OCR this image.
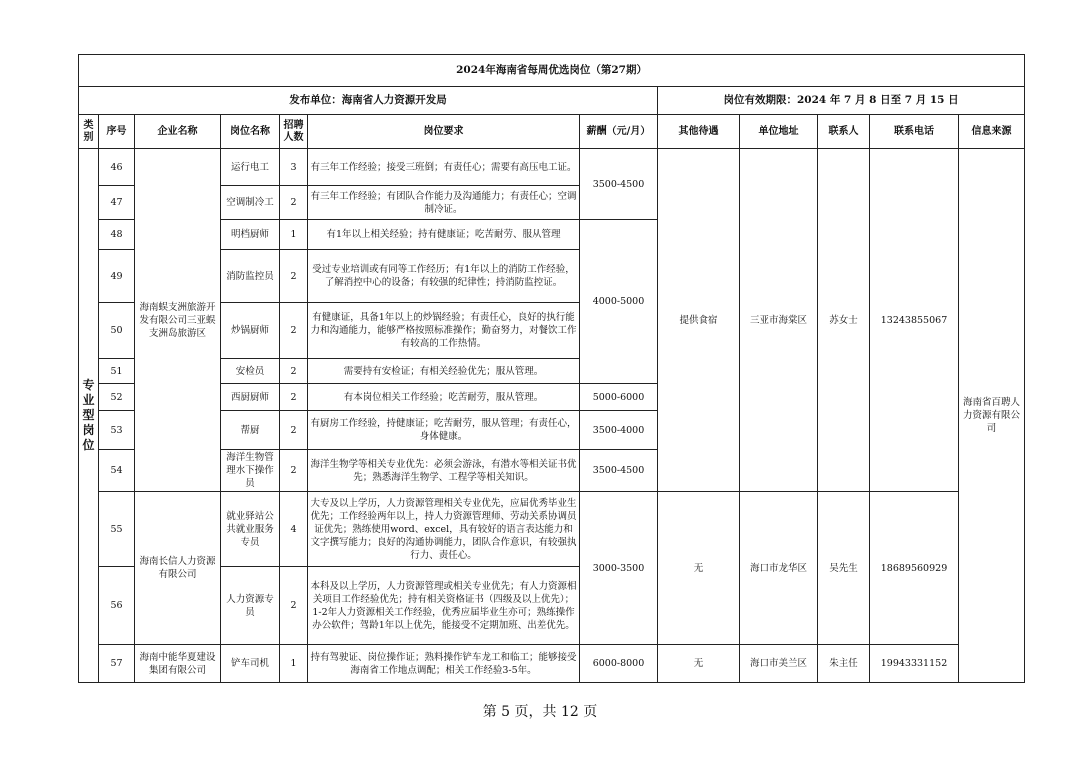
2024年海南省每周优选岗位（第27期）											
发布单位：海南省人力资源开发局							岗位有效期限：2024 年 7 月 8 日至 7 月 15 日				
类别	序号	企业名称	岗位名称	招聘人数	岗位要求	薪酬（元/月）	其他待遇	单位地址	联系人	联系电话	信息来源
专业型岗位	46	海南蜈支洲旅游开发有限公司三亚蜈支洲岛旅游区	运行电工	3	有三年工作经验；接受三班倒；有责任心；需要有高压电工证。	3500-4500	提供食宿	三亚市海棠区	苏女士	13243855067	海南省百聘人力资源有限公司
	47		空调制冷工	2	有三年工作经验；有团队合作能力及沟通能力；有责任心；空调制冷证。						
	48		明档厨师	1	有1年以上相关经验；持有健康证；吃苦耐劳、服从管理	4000-5000					
	49		消防监控员	2	受过专业培训或有同等工作经历；有1年以上的消防工作经验，了解消控中心的设备；有较强的纪律性；持消防监控证。						
	50		炒锅厨师	2	有健康证，具备1年以上的炒锅经验；有责任心，良好的执行能力和沟通能力，能够严格按照标准操作；勤奋努力，对餐饮工作有较高的工作热情。						
	51		安检员	2	需要持有安检证；有相关经验优先；服从管理。						
	52		西厨厨师	2	有本岗位相关工作经验；吃苦耐劳，服从管理。	5000-6000					
	53		帮厨	2	有厨房工作经验，持健康证；吃苦耐劳，服从管理；有责任心，身体健康。	3500-4000					
	54		海洋生物管理水下操作员	2	海洋生物学等相关专业优先：必须会游泳，有潜水等相关证书优先；熟悉海洋生物学、工程学等相关知识。	3500-4500					
	55	海南长信人力资源有限公司	就业驿站公共就业服务专员	4	大专及以上学历，人力资源管理相关专业优先，应届优秀毕业生优先；工作经验两年以上，持人力资源管理师、劳动关系协调员证优先；熟练使用word、excel，具有较好的语言表达能力和文字撰写能力；良好的沟通协调能力，团队合作意识，有较强执行力、责任心。	3000-3500	无	海口市龙华区	吴先生	18689560929	
	56		人力资源专员	2	本科及以上学历，人力资源管理或相关专业优先；有人力资源相关项目工作经验优先；持有相关资格证书（四级及以上优先）；1-2年人力资源相关工作经验，优秀应届毕业生亦可；熟练操作办公软件；驾龄1年以上优先，能接受不定期加班、出差优先。						
	57	海南中能华夏建设集团有限公司	铲车司机	1	持有驾驶证、岗位操作证；熟料操作铲车龙工和临工；能够接受海南省工作地点调配；相关工作经验3-5年。	6000-8000	无	海口市美兰区	朱主任	19943331152	
第 5 页，共 12 页
